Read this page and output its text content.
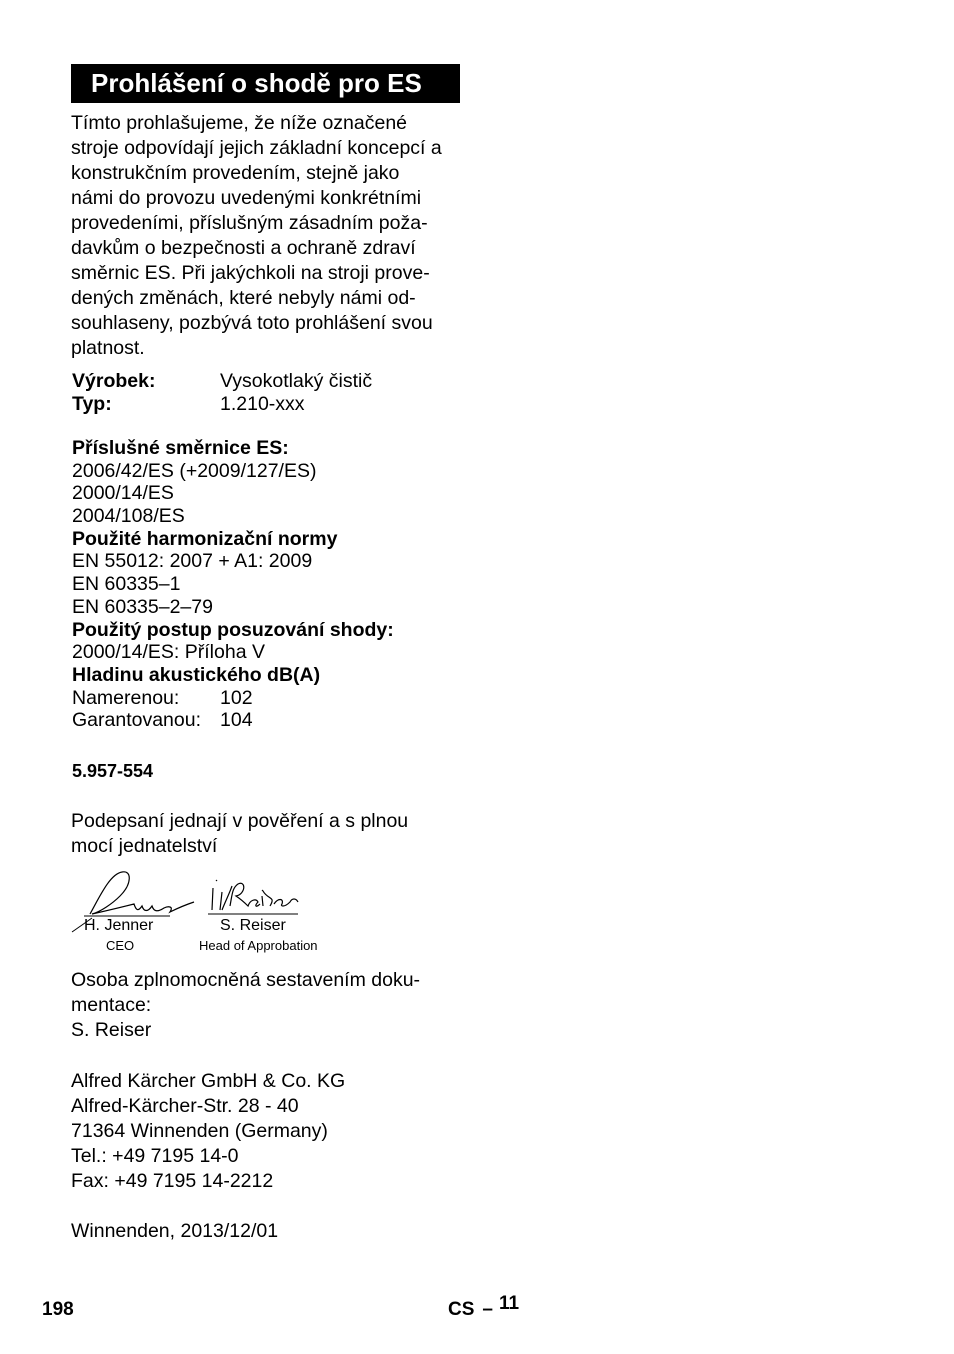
Prohlášení o shodě pro ES
Tímto prohlašujeme, že níže označené
stroje odpovídají jejich základní koncepcí a
konstrukčním provedením, stejně jako
námi do provozu uvedenými konkrétními
provedeními, příslušným zásadním poža-
davkům o bezpečnosti a ochraně zdraví
směrnic ES. Při jakýchkoli na stroji prove-
dených změnách, které nebyly námi od-
souhlaseny, pozbývá toto prohlášení svou
platnost.
Výrobek:	Vysokotlaký čistič
Typ:	1.210-xxx
Příslušné směrnice ES:
2006/42/ES (+2009/127/ES)
2000/14/ES
2004/108/ES
Použité harmonizační normy
EN 55012: 2007 + A1: 2009
EN 60335–1
EN 60335–2–79
Použitý postup posuzování shody:
2000/14/ES: Příloha V
Hladinu akustického dB(A)
Namerenou: 102
Garantovanou: 104
5.957-554
Podepsaní jednají v pověření a s plnou
mocí jednatelství
H. Jenner
CEO
S. Reiser
Head of Approbation
Osoba zplnomocněná sestavením doku-
mentace:
S. Reiser
Alfred Kärcher GmbH & Co. KG
Alfred-Kärcher-Str. 28 - 40
71364 Winnenden (Germany)
Tel.: +49 7195 14-0
Fax: +49 7195 14-2212
Winnenden, 2013/12/01
198	CS – 11
